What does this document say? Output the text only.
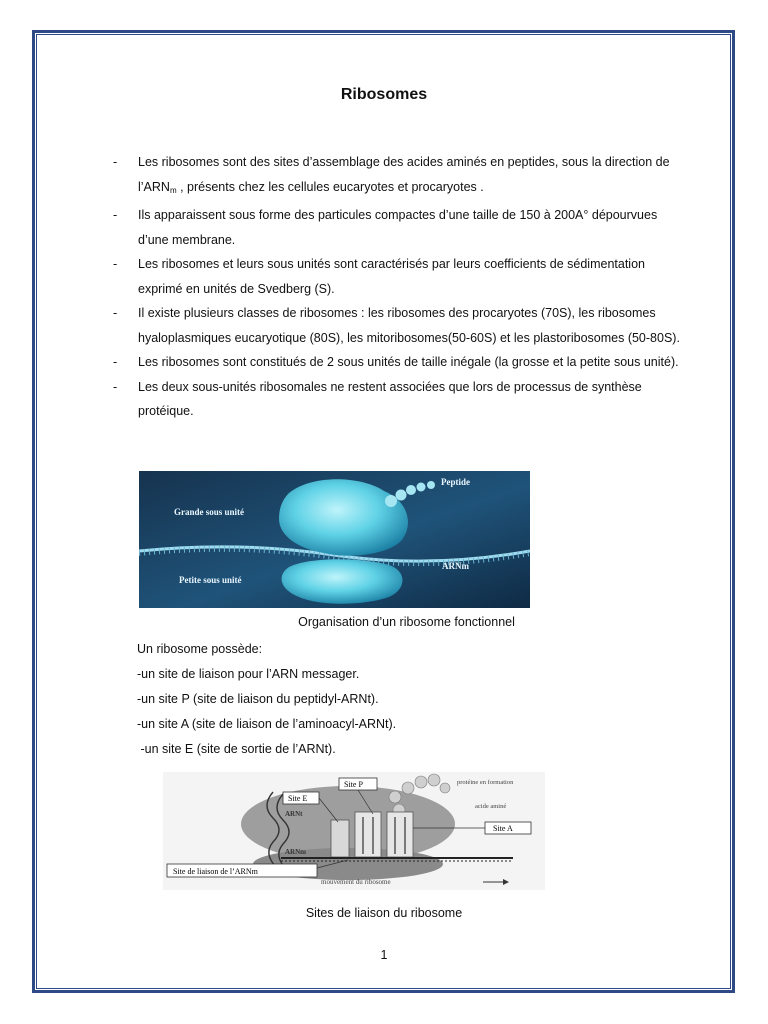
Ribosomes
- Les ribosomes sont des sites d’assemblage des acides aminés en peptides, sous la direction de $l’ARN_m$ , présents chez les cellules eucaryotes et procaryotes .
- Ils apparaissent sous forme des particules compactes d’une taille de 150 à 200A° dépourvues d’une membrane.
- Les ribosomes et leurs sous unités sont caractérisés par leurs coefficients de sédimentation exprimé en unités de Svedberg (S).
- Il existe plusieurs classes de ribosomes : les ribosomes des procaryotes (70S), les ribosomes hyaloplasmiques eucaryotique (80S), les mitoribosomes(50-60S) et les plastoribosomes (50-80S).
- Les ribosomes sont constitués de 2 sous unités de taille inégale (la grosse et la petite sous unité).
- Les deux sous-unités ribosomales ne restent associées que lors de processus de synthèse protéique.
Peptide
Grande sous unité
ARNm
Petite sous unité
Organisation d’un ribosome fonctionnel
Un ribosome possède:
-un site de liaison pour l’ARN messager.
-un site P (site de liaison du peptidyl-ARNt).
-un site A (site de liaison de l’aminoacyl-ARNt).
-un site E (site de sortie de l’ARNt).
Site P
Site E
Site A
protéine en formation
acide aminé
ARNt
ARNm
Site de liaison de l’ARNm
mouvement du ribosome
Sites de liaison du ribosome
1
